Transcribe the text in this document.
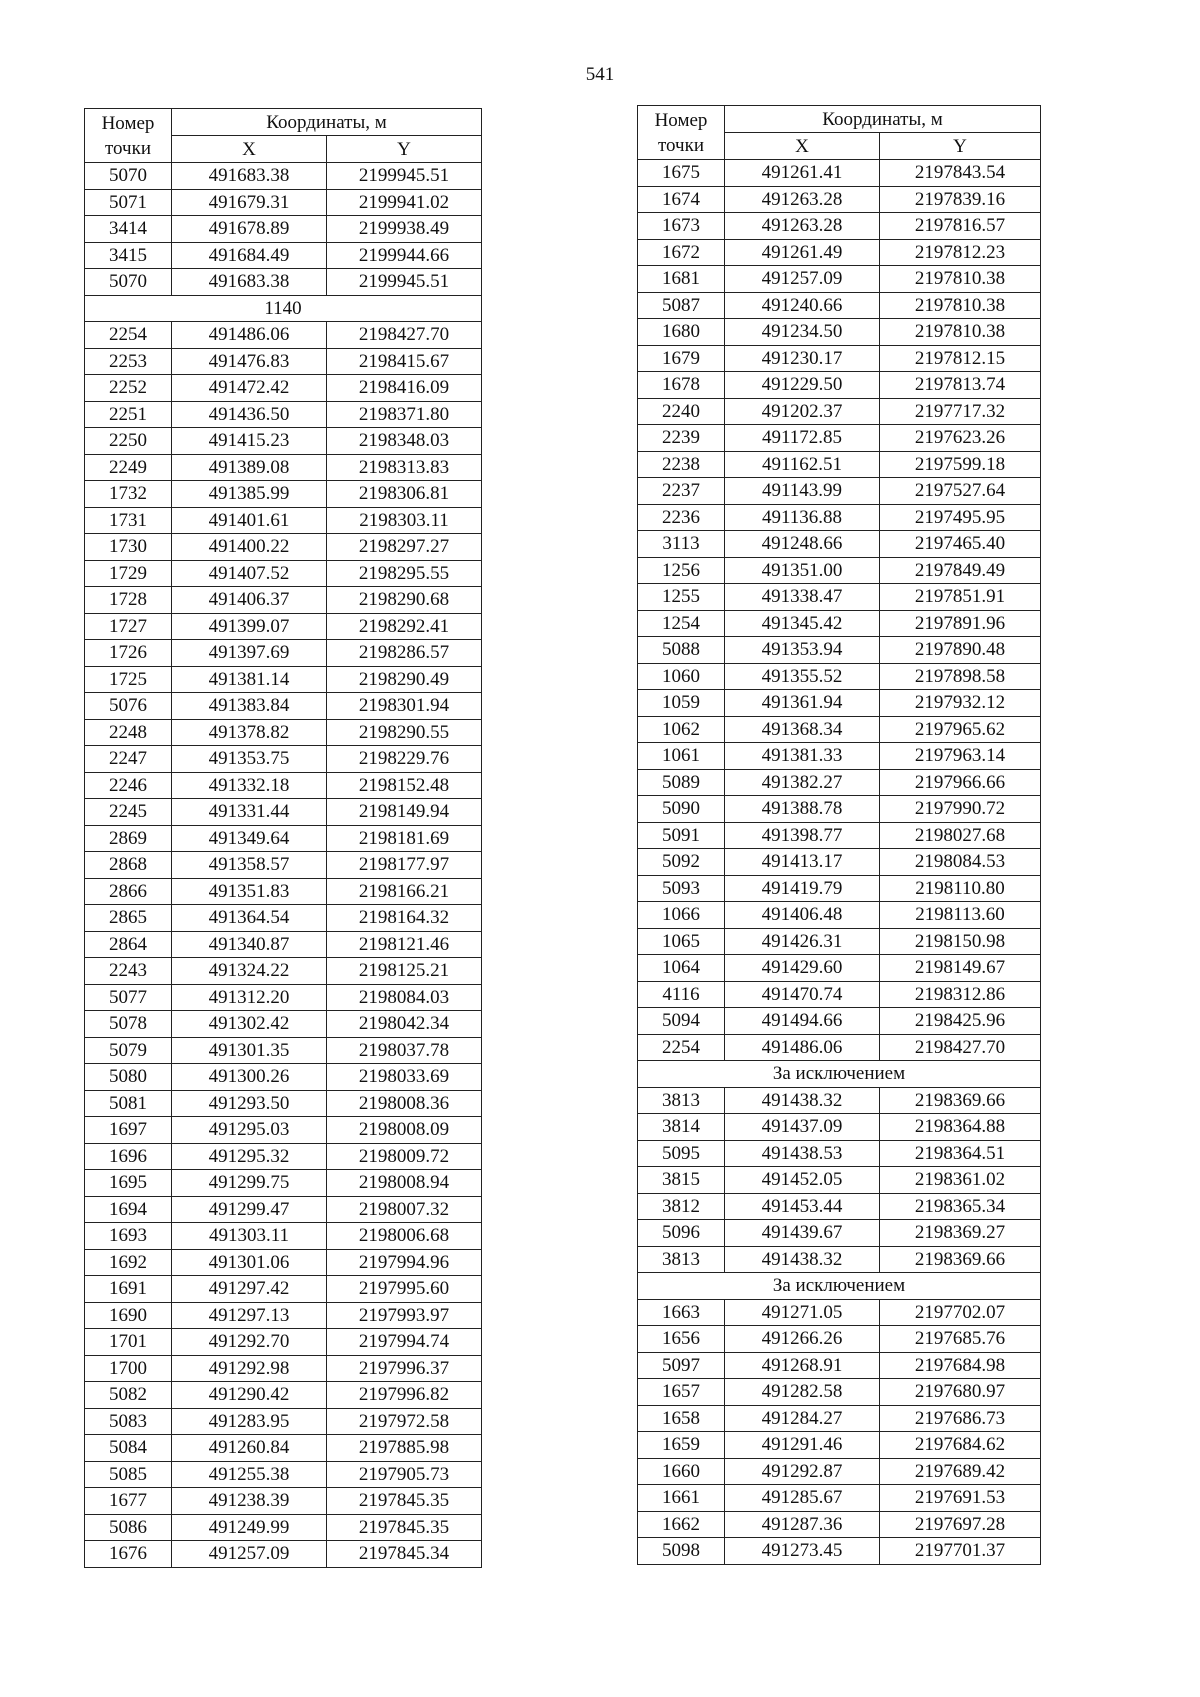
541
Номер
точки	Координаты, м	
	X	Y
5070	491683.38	2199945.51
5071	491679.31	2199941.02
3414	491678.89	2199938.49
3415	491684.49	2199944.66
5070	491683.38	2199945.51
1140		
2254	491486.06	2198427.70
2253	491476.83	2198415.67
2252	491472.42	2198416.09
2251	491436.50	2198371.80
2250	491415.23	2198348.03
2249	491389.08	2198313.83
1732	491385.99	2198306.81
1731	491401.61	2198303.11
1730	491400.22	2198297.27
1729	491407.52	2198295.55
1728	491406.37	2198290.68
1727	491399.07	2198292.41
1726	491397.69	2198286.57
1725	491381.14	2198290.49
5076	491383.84	2198301.94
2248	491378.82	2198290.55
2247	491353.75	2198229.76
2246	491332.18	2198152.48
2245	491331.44	2198149.94
2869	491349.64	2198181.69
2868	491358.57	2198177.97
2866	491351.83	2198166.21
2865	491364.54	2198164.32
2864	491340.87	2198121.46
2243	491324.22	2198125.21
5077	491312.20	2198084.03
5078	491302.42	2198042.34
5079	491301.35	2198037.78
5080	491300.26	2198033.69
5081	491293.50	2198008.36
1697	491295.03	2198008.09
1696	491295.32	2198009.72
1695	491299.75	2198008.94
1694	491299.47	2198007.32
1693	491303.11	2198006.68
1692	491301.06	2197994.96
1691	491297.42	2197995.60
1690	491297.13	2197993.97
1701	491292.70	2197994.74
1700	491292.98	2197996.37
5082	491290.42	2197996.82
5083	491283.95	2197972.58
5084	491260.84	2197885.98
5085	491255.38	2197905.73
1677	491238.39	2197845.35
5086	491249.99	2197845.35
1676	491257.09	2197845.34
Номер
точки	Координаты, м	
	X	Y
1675	491261.41	2197843.54
1674	491263.28	2197839.16
1673	491263.28	2197816.57
1672	491261.49	2197812.23
1681	491257.09	2197810.38
5087	491240.66	2197810.38
1680	491234.50	2197810.38
1679	491230.17	2197812.15
1678	491229.50	2197813.74
2240	491202.37	2197717.32
2239	491172.85	2197623.26
2238	491162.51	2197599.18
2237	491143.99	2197527.64
2236	491136.88	2197495.95
3113	491248.66	2197465.40
1256	491351.00	2197849.49
1255	491338.47	2197851.91
1254	491345.42	2197891.96
5088	491353.94	2197890.48
1060	491355.52	2197898.58
1059	491361.94	2197932.12
1062	491368.34	2197965.62
1061	491381.33	2197963.14
5089	491382.27	2197966.66
5090	491388.78	2197990.72
5091	491398.77	2198027.68
5092	491413.17	2198084.53
5093	491419.79	2198110.80
1066	491406.48	2198113.60
1065	491426.31	2198150.98
1064	491429.60	2198149.67
4116	491470.74	2198312.86
5094	491494.66	2198425.96
2254	491486.06	2198427.70
За исключением		
3813	491438.32	2198369.66
3814	491437.09	2198364.88
5095	491438.53	2198364.51
3815	491452.05	2198361.02
3812	491453.44	2198365.34
5096	491439.67	2198369.27
3813	491438.32	2198369.66
За исключением		
1663	491271.05	2197702.07
1656	491266.26	2197685.76
5097	491268.91	2197684.98
1657	491282.58	2197680.97
1658	491284.27	2197686.73
1659	491291.46	2197684.62
1660	491292.87	2197689.42
1661	491285.67	2197691.53
1662	491287.36	2197697.28
5098	491273.45	2197701.37
